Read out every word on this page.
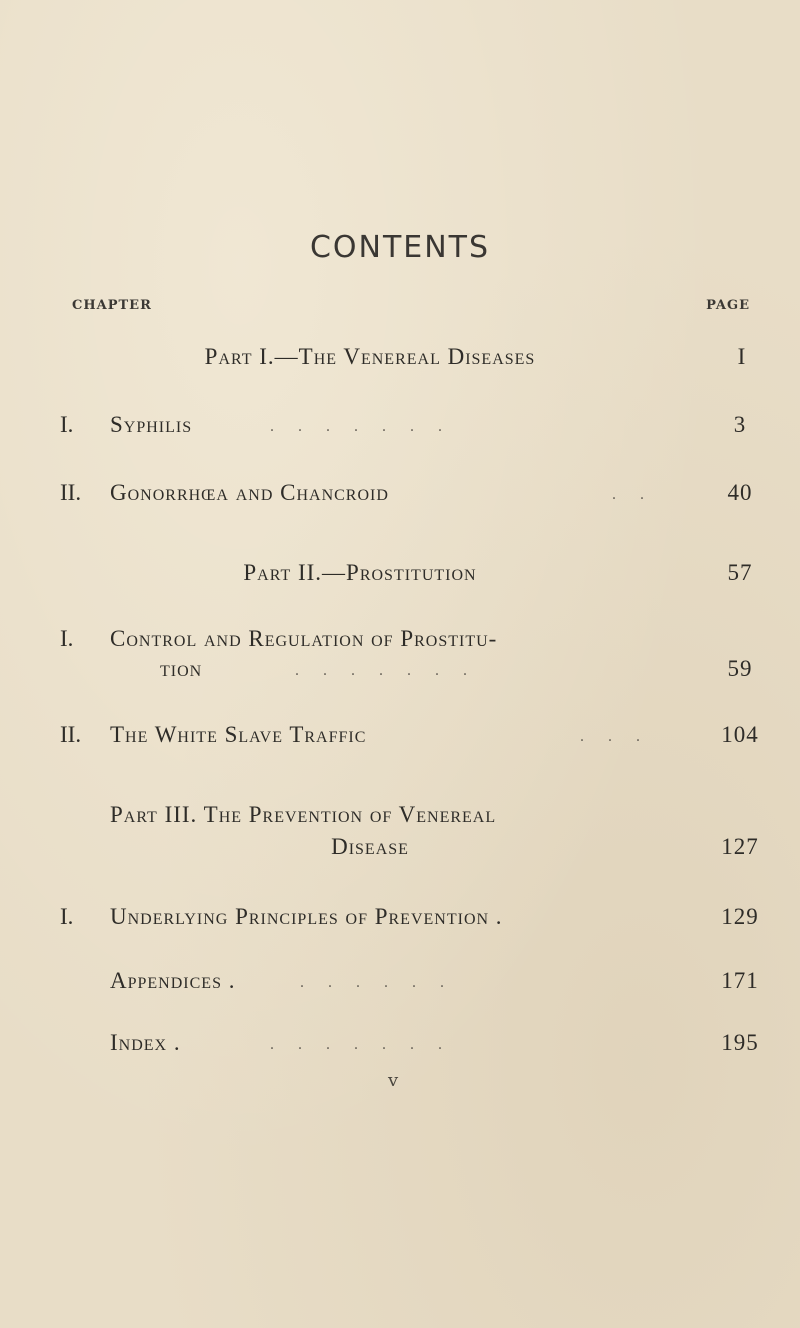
CONTENTS
CHAPTER	PAGE
Part I.—The Venereal Diseases	I
I.	Syphilis	. . . . . . .	3
II.	Gonorrhœa and Chancroid	. .	40
Part II.—Prostitution	57
I.	Control and Regulation of Prostitu-
tion	. . . . . . .	59
II.	The White Slave Traffic	. . .	104
Part III. The Prevention of Venereal
Disease	127
I.	Underlying Principles of Prevention .	129
Appendices .	. . . . . .	171
Index .	. . . . . . .	195
v
